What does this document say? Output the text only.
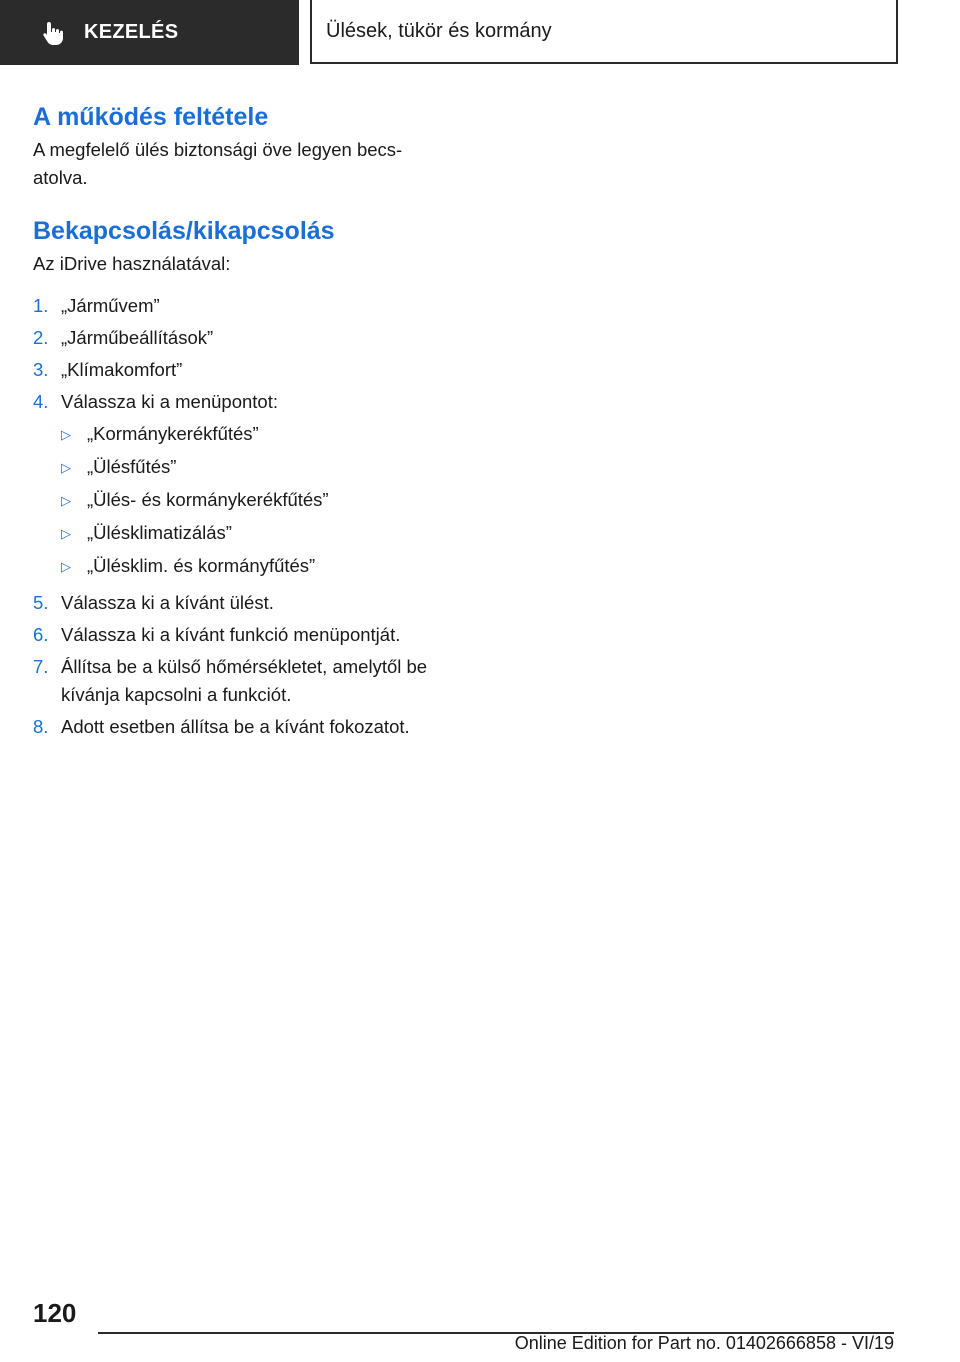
KEZELÉS	Ülések, tükör és kormány
A működés feltétele

A megfelelő ülés biztonsági öve legyen becs‐ atolva.

Bekapcsolás/kikapcsolás

Az iDrive használatával:

1. „Járművem”
2. „Járműbeállítások”
3. „Klímakomfort”
4. Válassza ki a menüpontot:
▷ „Kormánykerékfűtés”
▷ „Ülésfűtés”
▷ „Ülés- és kormánykerékfűtés”
▷ „Ülésklimatizálás”
▷ „Ülésklim. és kormányfűtés”
5. Válassza ki a kívánt ülést.
6. Válassza ki a kívánt funkció menüpontját.
7. Állítsa be a külső hőmérsékletet, amelytől be kívánja kapcsolni a funkciót.
8. Adott esetben állítsa be a kívánt fokozatot.
120
Online Edition for Part no. 01402666858 - VI/19
